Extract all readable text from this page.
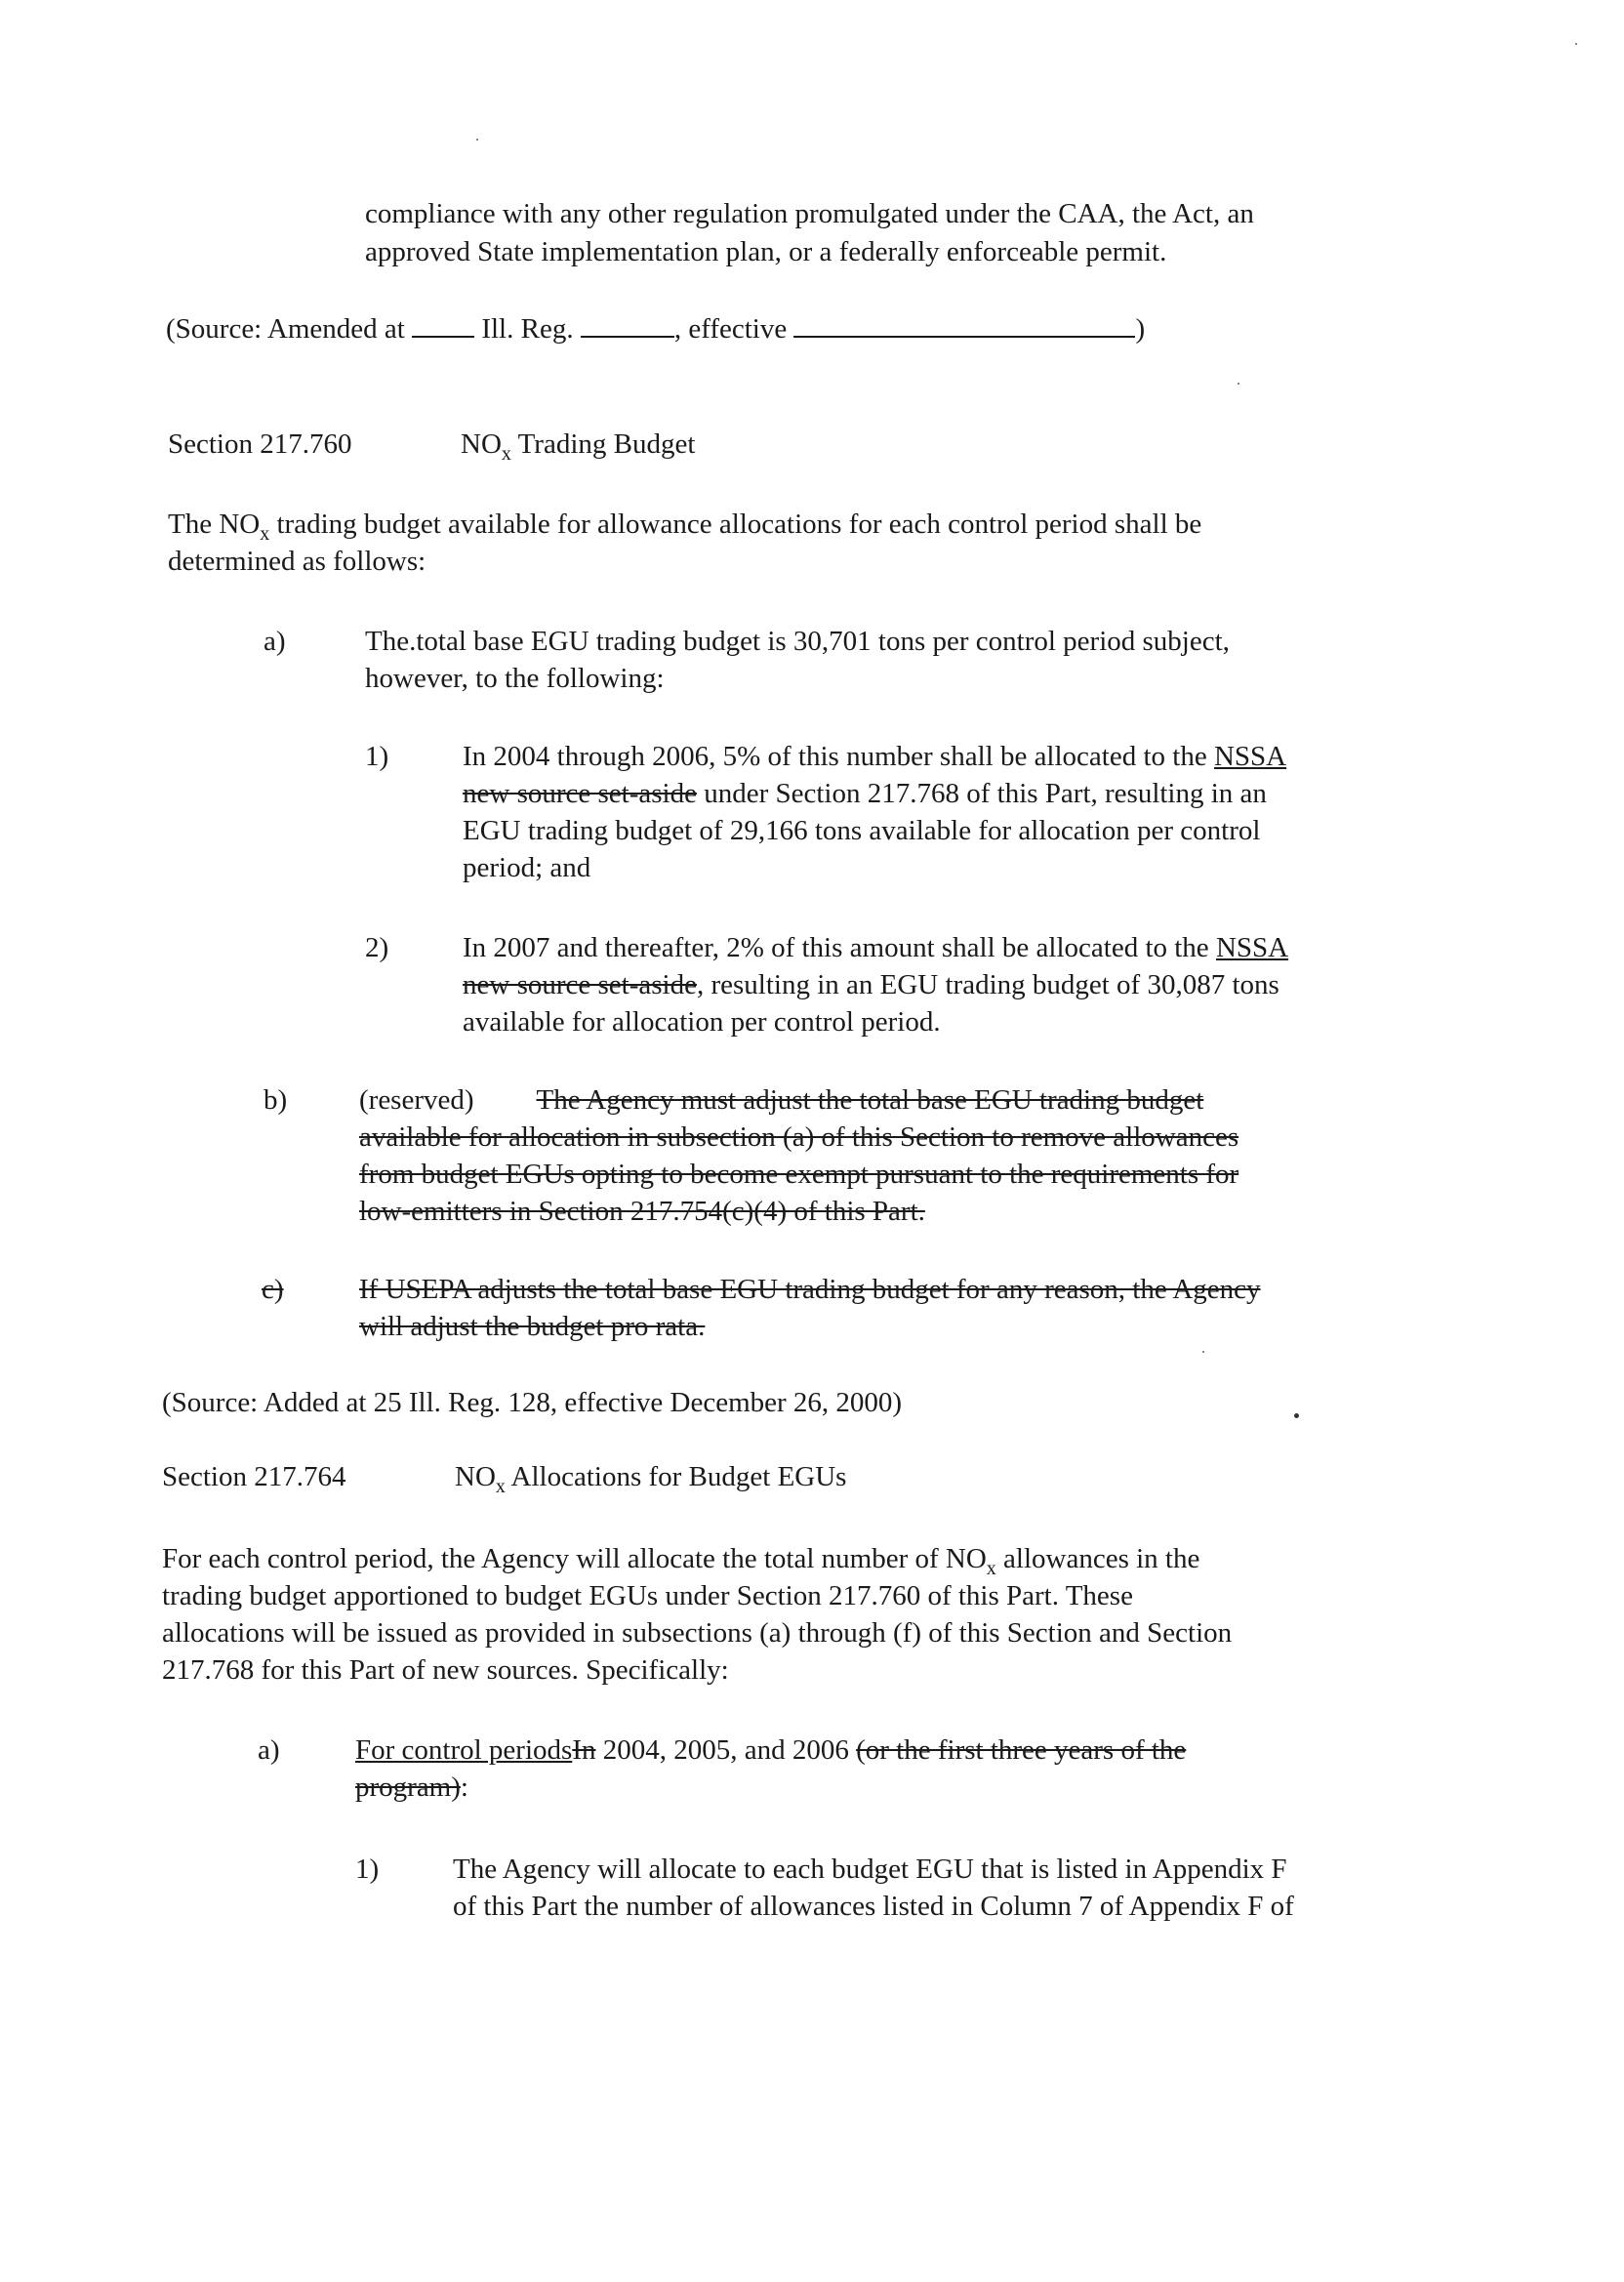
compliance with any other regulation promulgated under the CAA, the Act, an

approved State implementation plan, or a federally enforceable permit.

(Source: Amended at	Ill. Reg.	, effective	)

Section 217.760	$NO_x$ Trading Budget

The $NO_x$ trading budget available for allowance allocations for each control period shall be

determined as follows:

a)	The.total base EGU trading budget is 30,701 tons per control period subject,

however, to the following:

1)	In 2004 through 2006, 5% of this number shall be allocated to the NSSA

new source set-aside under Section 217.768 of this Part, resulting in an

EGU trading budget of 29,166 tons available for allocation per control

period; and

2)	In 2007 and thereafter, 2% of this amount shall be allocated to the NSSA

new source set-aside, resulting in an EGU trading budget of 30,087 tons

available for allocation per control period.

b)	(reserved) The Agency must adjust the total base EGU trading budget

available for allocation in subsection (a) of this Section to remove allowances

from budget EGUs opting to become exempt pursuant to the requirements for

low-emitters in Section 217.754(c)(4) of this Part.

c)	If USEPA adjusts the total base EGU trading budget for any reason, the Agency

will adjust the budget pro rata.

(Source: Added at 25 Ill. Reg. 128, effective December 26, 2000)

Section 217.764	$NO_x$ Allocations for Budget EGUs

For each control period, the Agency will allocate the total number of $NO_x$ allowances in the

trading budget apportioned to budget EGUs under Section 217.760 of this Part. These

allocations will be issued as provided in subsections (a) through (f) of this Section and Section

217.768 for this Part of new sources. Specifically:

a)	For control periodsIn 2004, 2005, and 2006 (or the first three years of the

program):

1)	The Agency will allocate to each budget EGU that is listed in Appendix F

of this Part the number of allowances listed in Column 7 of Appendix F of
